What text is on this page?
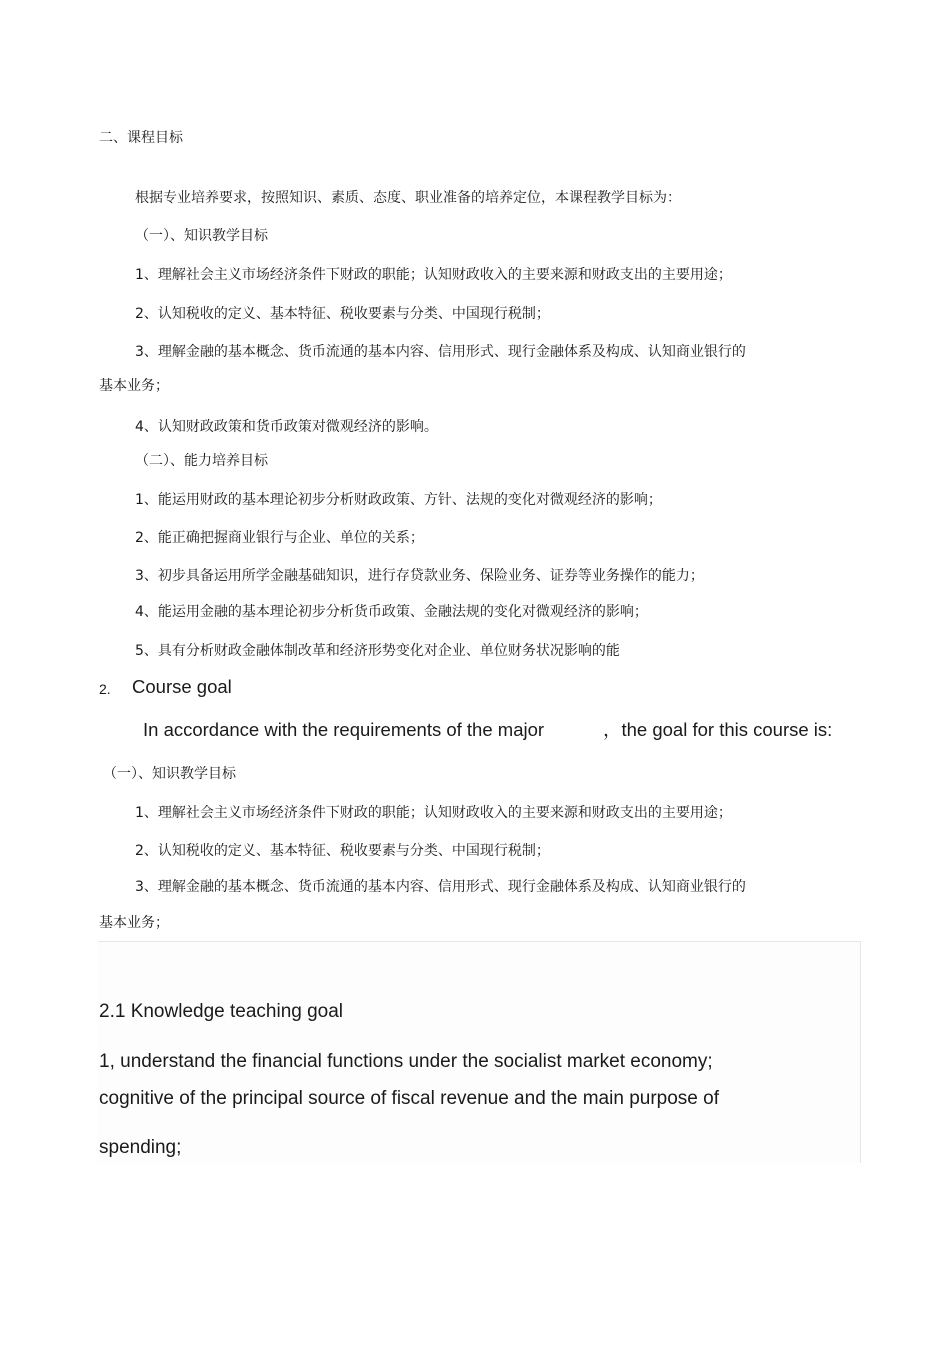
二、课程目标
根据专业培养要求，按照知识、素质、态度、职业准备的培养定位，本课程教学目标为：
（一）、知识教学目标
1、理解社会主义市场经济条件下财政的职能；认知财政收入的主要来源和财政支出的主要用途；
2、认知税收的定义、基本特征、税收要素与分类、中国现行税制；
3、理解金融的基本概念、货币流通的基本内容、信用形式、现行金融体系及构成、认知商业银行的
基本业务；
4、认知财政政策和货币政策对微观经济的影响。
（二）、能力培养目标
1、能运用财政的基本理论初步分析财政政策、方针、法规的变化对微观经济的影响；
2、能正确把握商业银行与企业、单位的关系；
3、初步具备运用所学金融基础知识，进行存贷款业务、保险业务、证券等业务操作的能力；
4、能运用金融的基本理论初步分析货币政策、金融法规的变化对微观经济的影响；
5、具有分析财政金融体制改革和经济形势变化对企业、单位财务状况影响的能
2. Course goal
In accordance with the requirements of the major	，the goal for this course is:
（一）、知识教学目标
1、理解社会主义市场经济条件下财政的职能；认知财政收入的主要来源和财政支出的主要用途；
2、认知税收的定义、基本特征、税收要素与分类、中国现行税制；
3、理解金融的基本概念、货币流通的基本内容、信用形式、现行金融体系及构成、认知商业银行的
基本业务；
2.1 Knowledge teaching goal
1, understand the financial functions under the socialist market economy;
cognitive of the principal source of fiscal revenue and the main purpose of
spending;
